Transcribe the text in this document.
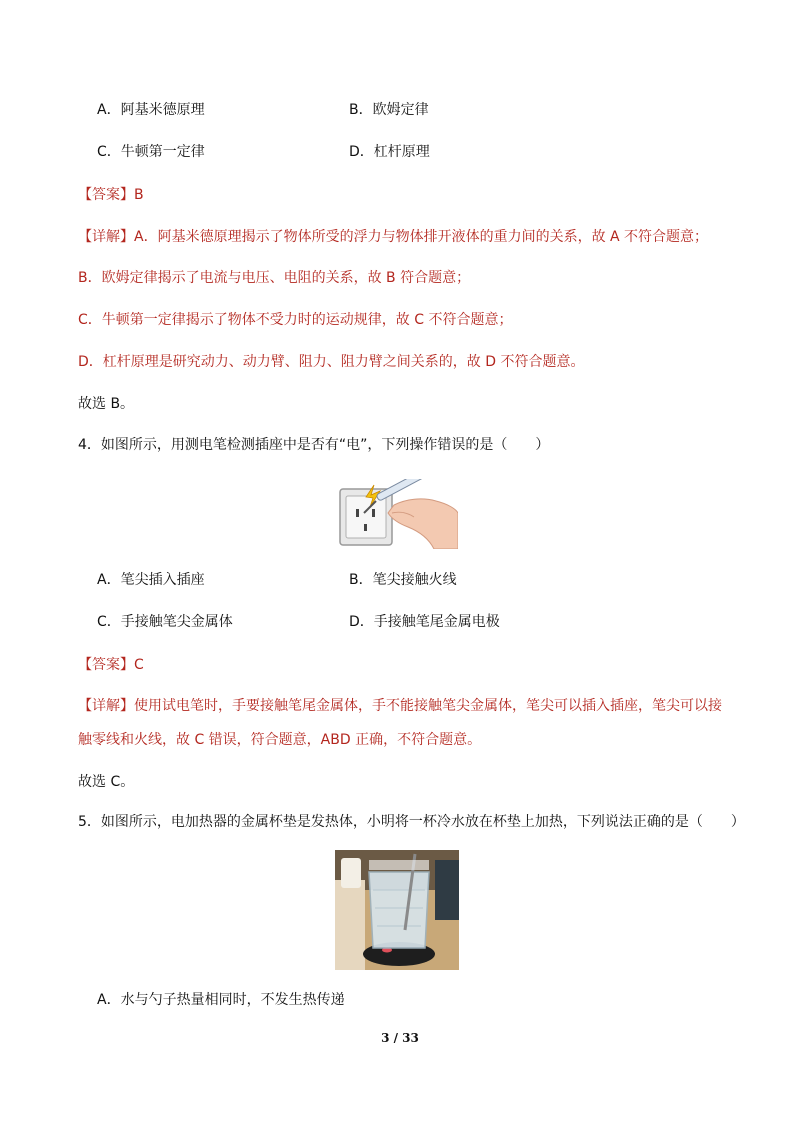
A．阿基米德原理	B．欧姆定律
C．牛顿第一定律	D．杠杆原理
【答案】B
【详解】A．阿基米德原理揭示了物体所受的浮力与物体排开液体的重力间的关系，故 A 不符合题意；
B．欧姆定律揭示了电流与电压、电阻的关系，故 B 符合题意；
C．牛顿第一定律揭示了物体不受力时的运动规律，故 C 不符合题意；
D．杠杆原理是研究动力、动力臂、阻力、阻力臂之间关系的，故 D 不符合题意。
故选 B。
4．如图所示，用测电笔检测插座中是否有“电”，下列操作错误的是（　　）
A．笔尖插入插座	B．笔尖接触火线
C．手接触笔尖金属体	D．手接触笔尾金属电极
【答案】C
【详解】使用试电笔时，手要接触笔尾金属体，手不能接触笔尖金属体，笔尖可以插入插座，笔尖可以接
触零线和火线，故 C 错误，符合题意，ABD 正确，不符合题意。
故选 C。
5．如图所示，电加热器的金属杯垫是发热体，小明将一杯冷水放在杯垫上加热，下列说法正确的是（　　）
A．水与勺子热量相同时，不发生热传递
3 / 33
